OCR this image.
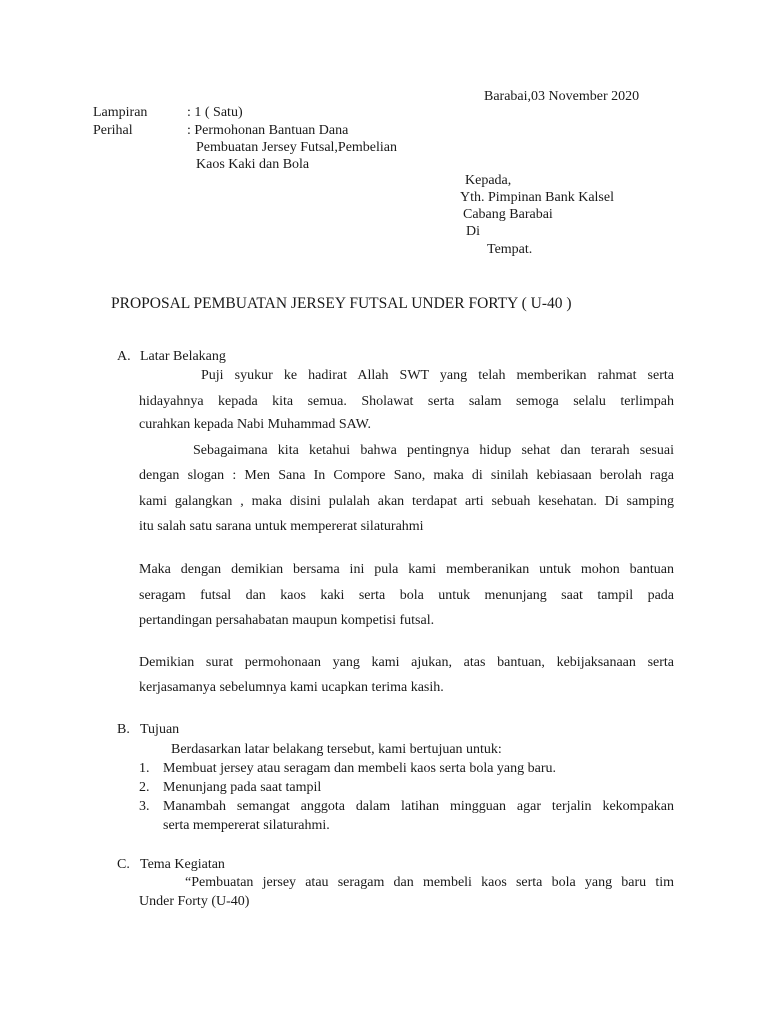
Barabai,03 November 2020
Lampiran	: 1 ( Satu)
Perihal	: Permohonan Bantuan Dana
Pembuatan Jersey Futsal,Pembelian
Kaos Kaki dan Bola
Kepada,
Yth. Pimpinan Bank Kalsel
Cabang Barabai
Di
Tempat.
PROPOSAL PEMBUATAN JERSEY FUTSAL UNDER FORTY ( U-40 )
A. Latar Belakang
Puji syukur ke hadirat Allah SWT yang telah memberikan rahmat serta
hidayahnya kepada kita semua. Sholawat serta salam semoga selalu terlimpah
curahkan kepada Nabi Muhammad SAW.
Sebagaimana kita ketahui bahwa pentingnya hidup sehat dan terarah sesuai
dengan slogan : Men Sana In Compore Sano, maka di sinilah kebiasaan berolah raga
kami galangkan , maka disini pulalah akan terdapat arti sebuah kesehatan. Di samping
itu salah satu sarana untuk mempererat silaturahmi
Maka dengan demikian bersama ini pula kami memberanikan untuk mohon bantuan
seragam futsal dan kaos kaki serta bola untuk menunjang saat tampil pada
pertandingan persahabatan maupun kompetisi futsal.
Demikian surat permohonaan yang kami ajukan, atas bantuan, kebijaksanaan serta
kerjasamanya sebelumnya kami ucapkan terima kasih.
B. Tujuan
Berdasarkan latar belakang tersebut, kami bertujuan untuk:
1. Membuat jersey atau seragam dan membeli kaos serta bola yang baru.
2. Menunjang pada saat tampil
3. Manambah semangat anggota dalam latihan mingguan agar terjalin kekompakan
serta mempererat silaturahmi.
C. Tema Kegiatan
“Pembuatan jersey atau seragam dan membeli kaos serta bola yang baru tim
Under Forty (U-40)
